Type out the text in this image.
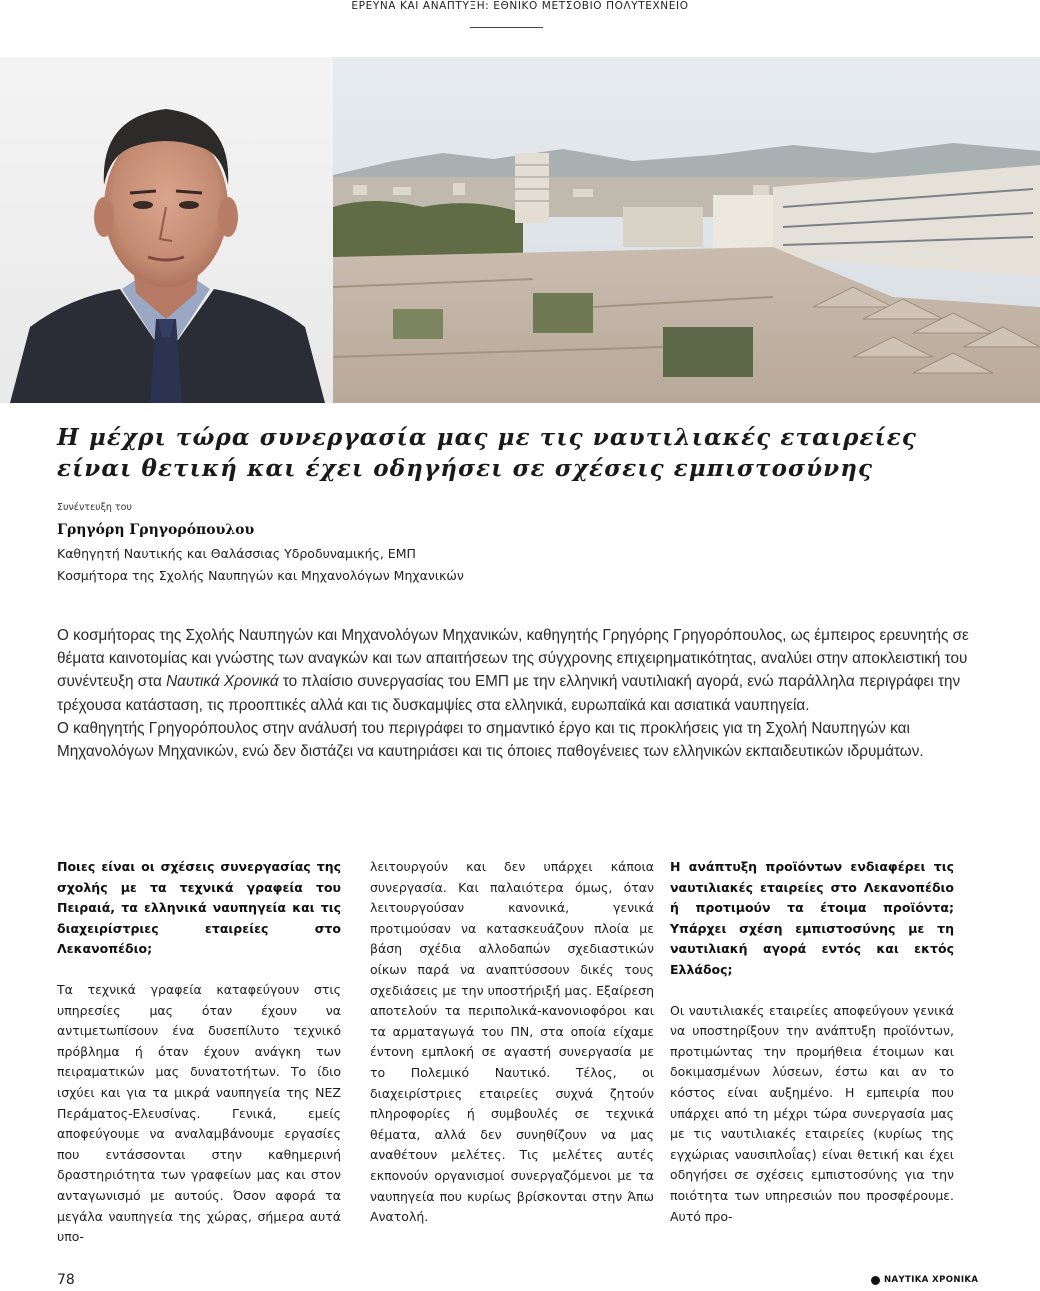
ΕΡΕΥΝΑ ΚΑΙ ΑΝΑΠΤΥΞΗ: ΕΘΝΙΚΟ ΜΕΤΣΟΒΙΟ ΠΟΛΥΤΕΧΝΕΙΟ
Η μέχρι τώρα συνεργασία μας με τις ναυτιλιακές εταιρείες
είναι θετική και έχει οδηγήσει σε σχέσεις εμπιστοσύνης
Συνέντευξη του
Γρηγόρη Γρηγορόπουλου
Καθηγητή Ναυτικής και Θαλάσσιας Υδροδυναμικής, ΕΜΠ
Κοσμήτορα της Σχολής Ναυπηγών και Μηχανολόγων Μηχανικών

Ο κοσμήτορας της Σχολής Ναυπηγών και Μηχανολόγων Μηχανικών, καθηγητής Γρηγόρης Γρηγορόπουλος, ως έμπειρος ερευνητής σε θέματα καινοτομίας και γνώστης των αναγκών και των απαιτήσεων της σύγχρονης επιχειρηματικότητας, αναλύει στην αποκλειστική του συνέντευξη στα Ναυτικά Χρονικά το πλαίσιο συνεργασίας του ΕΜΠ με την ελληνική ναυτιλιακή αγορά, ενώ παράλληλα περιγράφει την τρέχουσα κατάσταση, τις προοπτικές αλλά και τις δυσκαμψίες στα ελληνικά, ευρωπαϊκά και ασιατικά ναυπηγεία.

Ο καθηγητής Γρηγορόπουλος στην ανάλυσή του περιγράφει το σημαντικό έργο και τις προκλήσεις για τη Σχολή Ναυπηγών και Μηχανολόγων Μηχανικών, ενώ δεν διστάζει να καυτηριάσει και τις όποιες παθογένειες των ελληνικών εκπαιδευτικών ιδρυμάτων.

Ποιες είναι οι σχέσεις συνεργασίας της σχολής με τα τεχνικά γραφεία του Πειραιά, τα ελληνικά ναυπηγεία και τις διαχειρίστριες εταιρείες στο Λεκανοπέδιο;

Τα τεχνικά γραφεία καταφεύγουν στις υπηρεσίες μας όταν έχουν να αντιμετωπίσουν ένα δυσεπίλυτο τεχνικό πρόβλημα ή όταν έχουν ανάγκη των πειραματικών μας δυνατοτήτων. Το ίδιο ισχύει και για τα μικρά ναυπηγεία της ΝΕΖ Περάματος-Ελευσίνας. Γενικά, εμείς αποφεύγουμε να αναλαμβάνουμε εργασίες που εντάσσονται στην καθημερινή δραστηριότητα των γραφείων μας και στον ανταγωνισμό με αυτούς. Όσον αφορά τα μεγάλα ναυπηγεία της χώρας, σήμερα αυτά υπο-

λειτουργούν και δεν υπάρχει κάποια συνεργασία. Και παλαιότερα όμως, όταν λειτουργούσαν κανονικά, γενικά προτιμούσαν να κατασκευάζουν πλοία με βάση σχέδια αλλοδαπών σχεδιαστικών οίκων παρά να αναπτύσσουν δικές τους σχεδιάσεις με την υποστήριξή μας. Εξαίρεση αποτελούν τα περιπολικά-κανονιοφόροι και τα αρματαγωγά του ΠΝ, στα οποία είχαμε έντονη εμπλοκή σε αγαστή συνεργασία με το Πολεμικό Ναυτικό. Τέλος, οι διαχειρίστριες εταιρείες συχνά ζητούν πληροφορίες ή συμβουλές σε τεχνικά θέματα, αλλά δεν συνηθίζουν να μας αναθέτουν μελέτες. Τις μελέτες αυτές εκπονούν οργανισμοί συνεργαζόμενοι με τα ναυπηγεία που κυρίως βρίσκονται στην Άπω Ανατολή.

Η ανάπτυξη προϊόντων ενδιαφέρει τις ναυτιλιακές εταιρείες στο Λεκανοπέδιο ή προτιμούν τα έτοιμα προϊόντα; Υπάρχει σχέση εμπιστοσύνης με τη ναυτιλιακή αγορά εντός και εκτός Ελλάδος;

Οι ναυτιλιακές εταιρείες αποφεύγουν γενικά να υποστηρίξουν την ανάπτυξη προϊόντων, προτιμώντας την προμήθεια έτοιμων και δοκιμασμένων λύσεων, έστω και αν το κόστος είναι αυξημένο. Η εμπειρία που υπάρχει από τη μέχρι τώρα συνεργασία μας με τις ναυτιλιακές εταιρείες (κυρίως της εγχώριας ναυσιπλοΐας) είναι θετική και έχει οδηγήσει σε σχέσεις εμπιστοσύνης για την ποιότητα των υπηρεσιών που προσφέρουμε. Αυτό προ-

78	ΝΑΥΤΙΚΑ ΧΡΟΝΙΚΑ
